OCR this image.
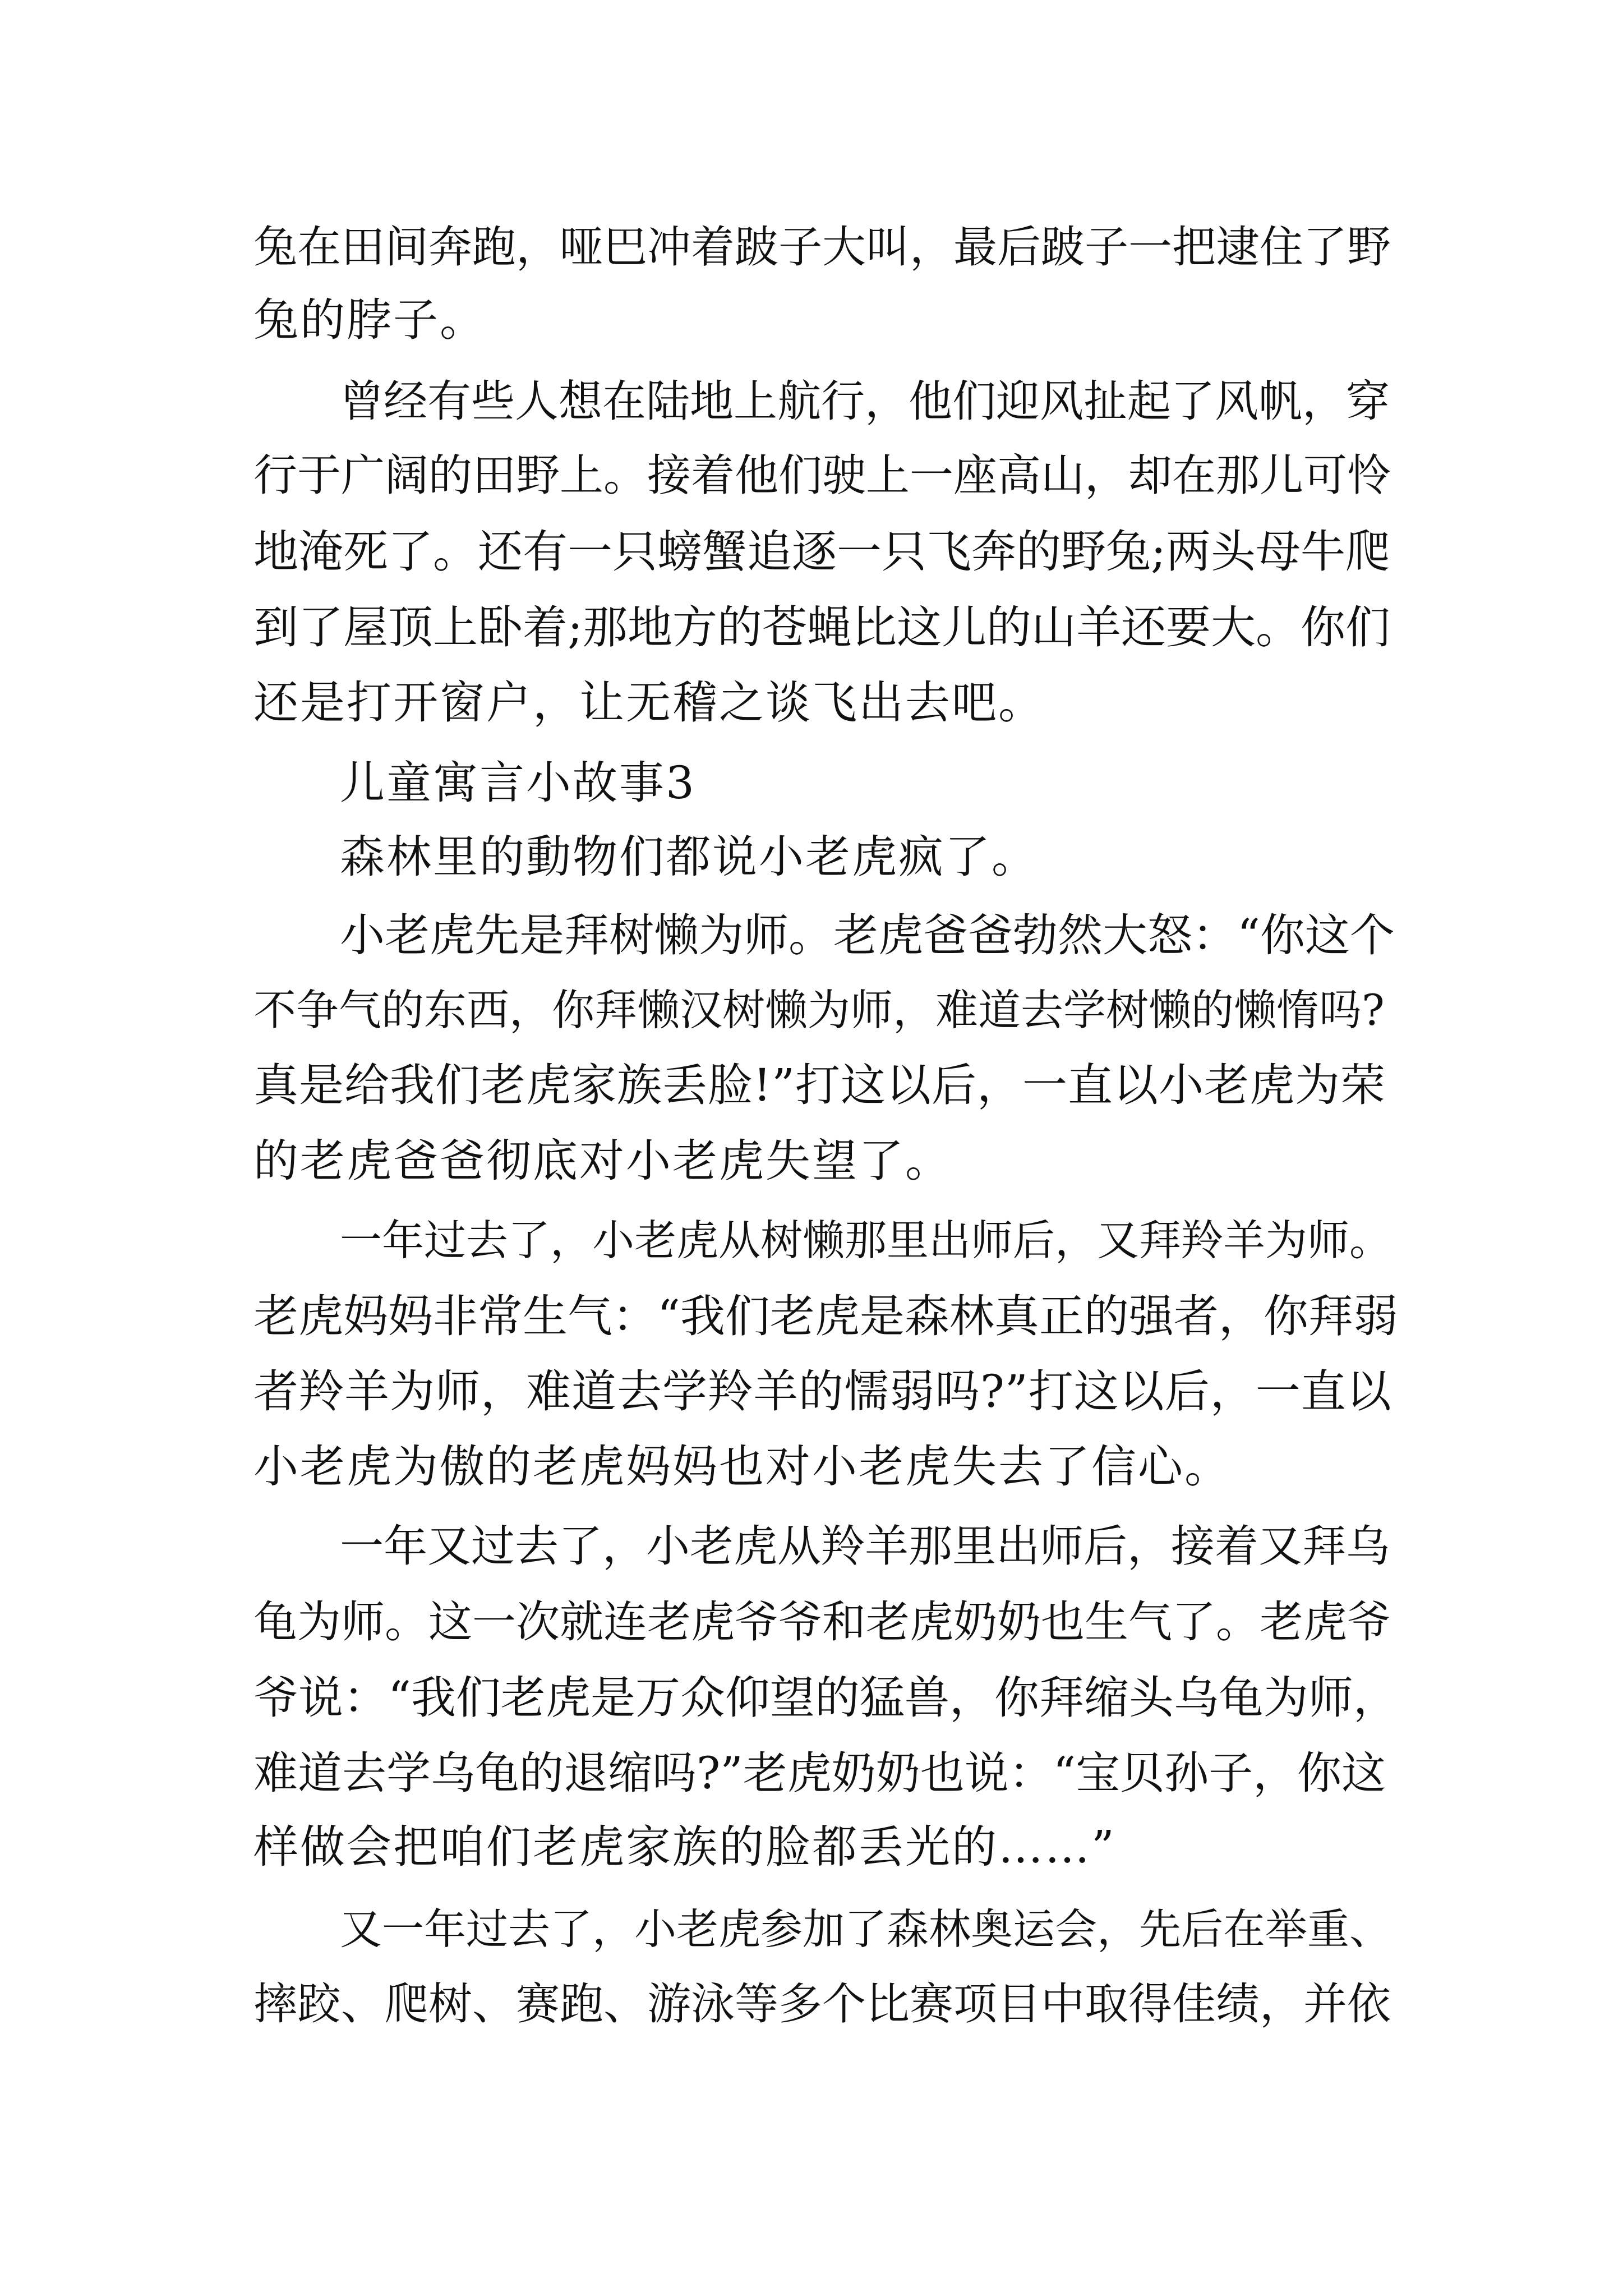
兔在田间奔跑，哑巴冲着跛子大叫，最后跛子一把逮住了野
兔的脖子。
曾经有些人想在陆地上航行，他们迎风扯起了风帆，穿
行于广阔的田野上。接着他们驶上一座高山，却在那儿可怜
地淹死了。还有一只螃蟹追逐一只飞奔的野兔;两头母牛爬
到了屋顶上卧着;那地方的苍蝇比这儿的山羊还要大。你们
还是打开窗户，让无稽之谈飞出去吧。
儿童寓言小故事3
森林里的動物们都说小老虎疯了。
小老虎先是拜树懒为师。老虎爸爸勃然大怒：“你这个
不争气的东西，你拜懒汉树懒为师，难道去学树懒的懒惰吗?
真是给我们老虎家族丢脸!”打这以后，一直以小老虎为荣
的老虎爸爸彻底对小老虎失望了。
一年过去了，小老虎从树懒那里出师后，又拜羚羊为师。
老虎妈妈非常生气：“我们老虎是森林真正的强者，你拜弱
者羚羊为师，难道去学羚羊的懦弱吗?”打这以后，一直以
小老虎为傲的老虎妈妈也对小老虎失去了信心。
一年又过去了，小老虎从羚羊那里出师后，接着又拜乌
龟为师。这一次就连老虎爷爷和老虎奶奶也生气了。老虎爷
爷说：“我们老虎是万众仰望的猛兽，你拜缩头乌龟为师，
难道去学乌龟的退缩吗?”老虎奶奶也说：“宝贝孙子，你这
样做会把咱们老虎家族的脸都丢光的……”
又一年过去了，小老虎参加了森林奥运会，先后在举重、
摔跤、爬树、赛跑、游泳等多个比赛项目中取得佳绩，并依
